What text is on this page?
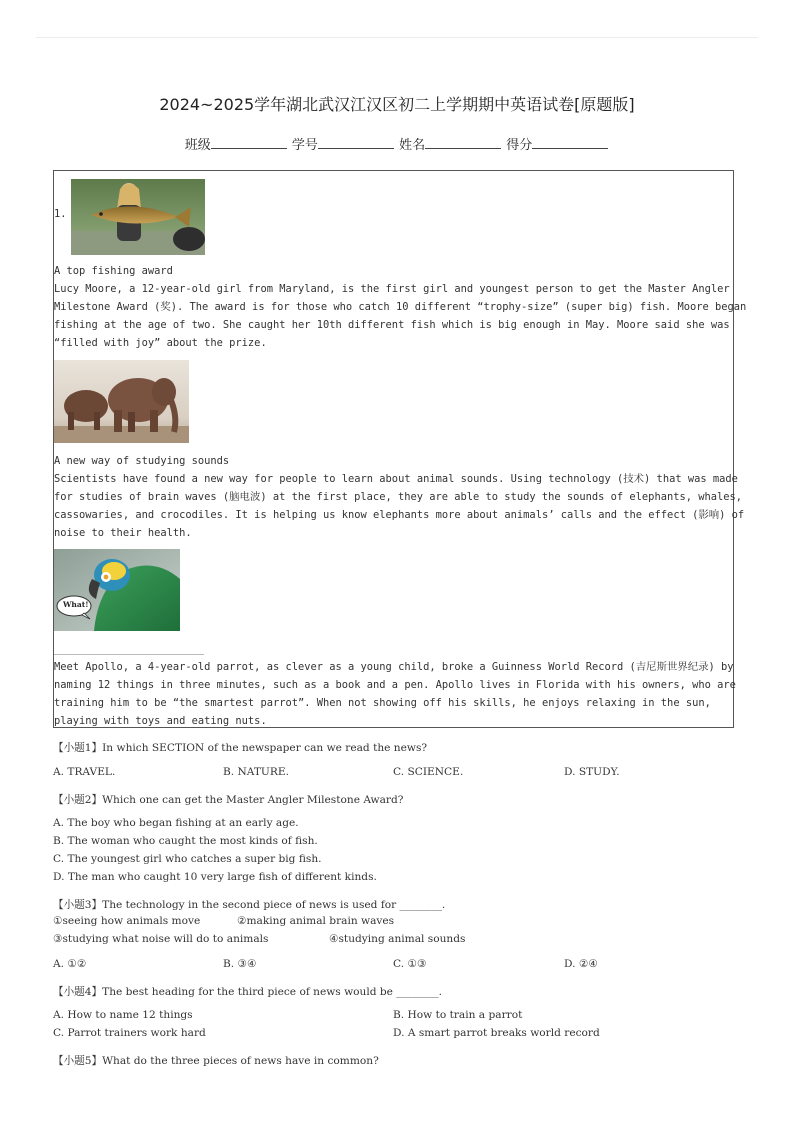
2024~2025学年湖北武汉江汉区初二上学期期中英语试卷[原题版]
班级	学号	姓名	得分
1.
A top fishing award
Lucy Moore, a 12-year-old girl from Maryland, is the first girl and youngest person to get the Master Angler
Milestone Award (奖). The award is for those who catch 10 different “trophy-size” (super big) fish. Moore began
fishing at the age of two. She caught her 10th different fish which is big enough in May. Moore said she was
“filled with joy” about the prize.
A new way of studying sounds
Scientists have found a new way for people to learn about animal sounds. Using technology (技术) that was made
for studies of brain waves (脑电波) at the first place, they are able to study the sounds of elephants, whales,
cassowaries, and crocodiles. It is helping us know elephants more about animals’ calls and the effect (影响) of
noise to their health.
What!
Meet Apollo, a 4-year-old parrot, as clever as a young child, broke a Guinness World Record (吉尼斯世界纪录) by
naming 12 things in three minutes, such as a book and a pen. Apollo lives in Florida with his owners, who are
training him to be “the smartest parrot”. When not showing off his skills, he enjoys relaxing in the sun,
playing with toys and eating nuts.
【小题1】In which SECTION of the newspaper can we read the news?
A. TRAVEL.	B. NATURE.	C. SCIENCE.	D. STUDY.
【小题2】Which one can get the Master Angler Milestone Award?
A. The boy who began fishing at an early age.
B. The woman who caught the most kinds of fish.
C. The youngest girl who catches a super big fish.
D. The man who caught 10 very large fish of different kinds.
【小题3】The technology in the second piece of news is used for ________.
①seeing how animals move	②making animal brain waves
③studying what noise will do to animals	④studying animal sounds
A. ①②	B. ③④	C. ①③	D. ②④
【小题4】The best heading for the third piece of news would be ________.
A. How to name 12 things	B. How to train a parrot
C. Parrot trainers work hard	D. A smart parrot breaks world record
【小题5】What do the three pieces of news have in common?
